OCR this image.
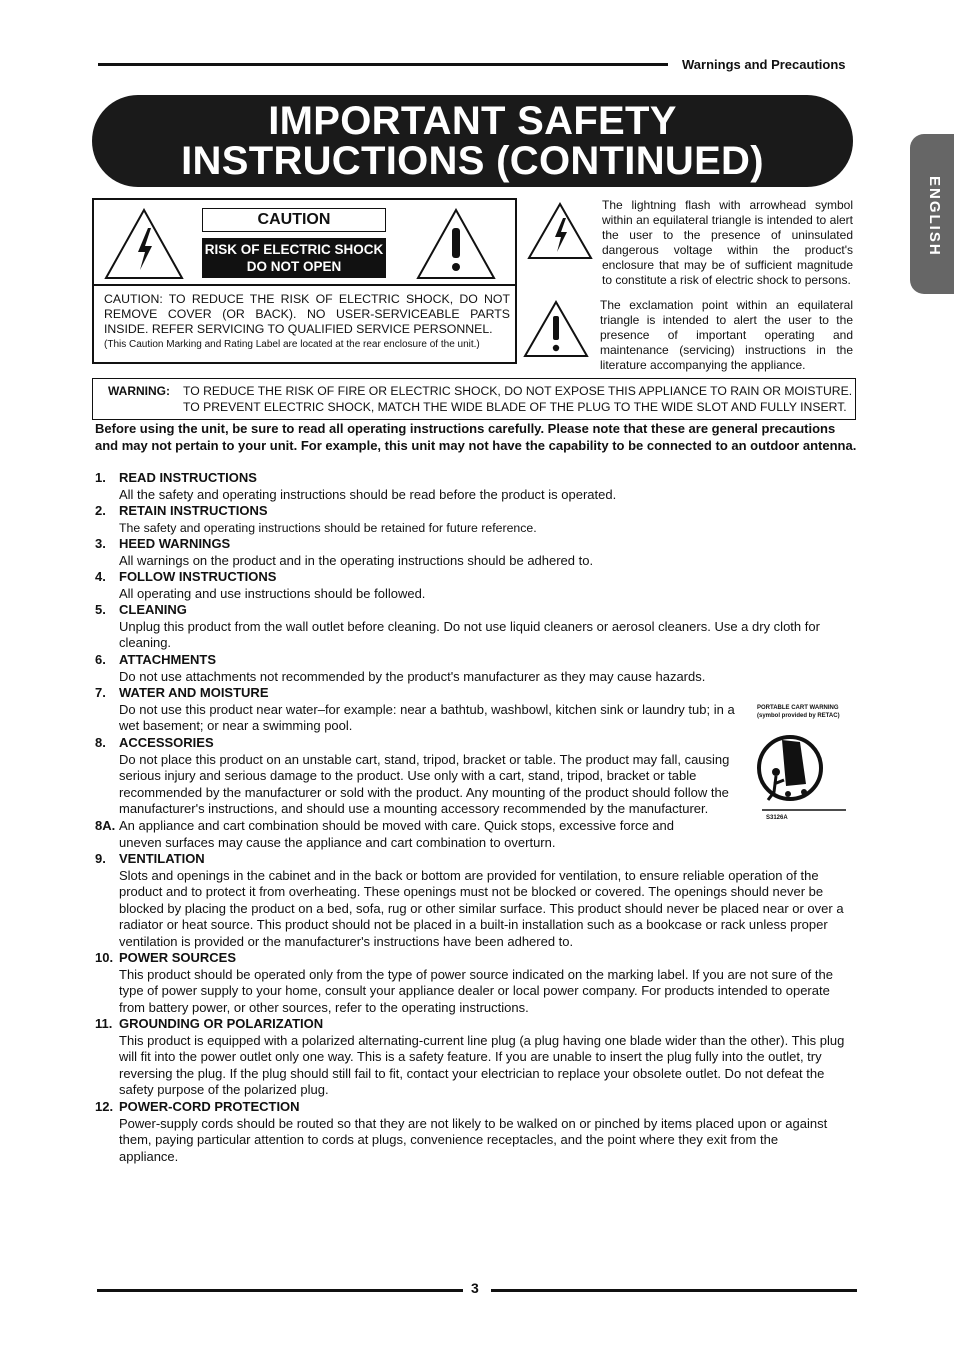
Warnings and Precautions
ENGLISH
IMPORTANT SAFETY
INSTRUCTIONS (CONTINUED)
CAUTION
RISK OF ELECTRIC SHOCK
DO NOT OPEN
CAUTION: TO REDUCE THE RISK OF ELECTRIC SHOCK, DO NOT REMOVE COVER (OR BACK). NO USER-SERVICEABLE PARTS INSIDE. REFER SERVICING TO QUALIFIED SERVICE PERSONNEL.
(This Caution Marking and Rating Label are located at the rear enclosure of the unit.)
The lightning flash with arrowhead symbol within an equilateral triangle is intended to alert the user to the presence of uninsulated dangerous voltage within the product's enclosure that may be of sufficient magnitude to constitute a risk of electric shock to persons.
The exclamation point within an equilateral triangle is intended to alert the user to the presence of important operating and maintenance (servicing) instructions in the literature accompanying the appliance.
WARNING: TO REDUCE THE RISK OF FIRE OR ELECTRIC SHOCK, DO NOT EXPOSE THIS APPLIANCE TO RAIN OR MOISTURE.
TO PREVENT ELECTRIC SHOCK, MATCH THE WIDE BLADE OF THE PLUG TO THE WIDE SLOT AND FULLY INSERT.
Before using the unit, be sure to read all operating instructions carefully. Please note that these are general precautions and may not pertain to your unit. For example, this unit may not have the capability to be connected to an outdoor antenna.
1. READ INSTRUCTIONS
All the safety and operating instructions should be read before the product is operated.
2. RETAIN INSTRUCTIONS
The safety and operating instructions should be retained for future reference.
3. HEED WARNINGS
All warnings on the product and in the operating instructions should be adhered to.
4. FOLLOW INSTRUCTIONS
All operating and use instructions should be followed.
5. CLEANING
Unplug this product from the wall outlet before cleaning. Do not use liquid cleaners or aerosol cleaners. Use a dry cloth for cleaning.
6. ATTACHMENTS
Do not use attachments not recommended by the product's manufacturer as they may cause hazards.
7. WATER AND MOISTURE
Do not use this product near water–for example: near a bathtub, washbowl, kitchen sink or laundry tub; in a wet basement; or near a swimming pool.
8. ACCESSORIES
Do not place this product on an unstable cart, stand, tripod, bracket or table. The product may fall, causing serious injury and serious damage to the product. Use only with a cart, stand, tripod, bracket or table recommended by the manufacturer or sold with the product. Any mounting of the product should follow the manufacturer's instructions, and should use a mounting accessory recommended by the manufacturer.
8A. An appliance and cart combination should be moved with care. Quick stops, excessive force and uneven surfaces may cause the appliance and cart combination to overturn.
9. VENTILATION
Slots and openings in the cabinet and in the back or bottom are provided for ventilation, to ensure reliable operation of the product and to protect it from overheating. These openings must not be blocked or covered. The openings should never be blocked by placing the product on a bed, sofa, rug or other similar surface. This product should never be placed near or over a radiator or heat source. This product should not be placed in a built-in installation such as a bookcase or rack unless proper ventilation is provided or the manufacturer's instructions have been adhered to.
10. POWER SOURCES
This product should be operated only from the type of power source indicated on the marking label. If you are not sure of the type of power supply to your home, consult your appliance dealer or local power company. For products intended to operate from battery power, or other sources, refer to the operating instructions.
11. GROUNDING OR POLARIZATION
This product is equipped with a polarized alternating-current line plug (a plug having one blade wider than the other). This plug will fit into the power outlet only one way. This is a safety feature. If you are unable to insert the plug fully into the outlet, try reversing the plug. If the plug should still fail to fit, contact your electrician to replace your obsolete outlet. Do not defeat the safety purpose of the polarized plug.
12. POWER-CORD PROTECTION
Power-supply cords should be routed so that they are not likely to be walked on or pinched by items placed upon or against them, paying particular attention to cords at plugs, convenience receptacles, and the point where they exit from the appliance.
PORTABLE CART WARNING
(symbol provided by RETAC)
S3126A
3
